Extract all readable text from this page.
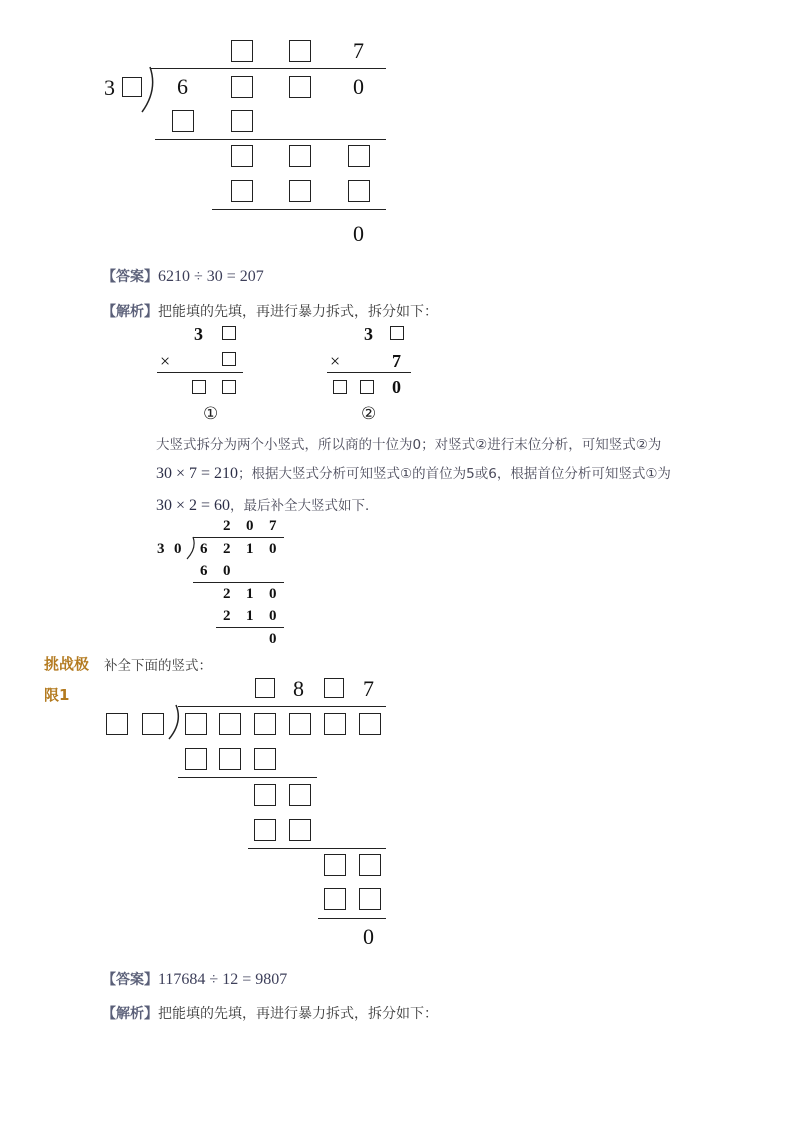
7
3	6	0
0
【答案】6210 ÷ 30 = 207
【解析】把能填的先填，再进行暴力拆式，拆分如下：
3
×
①
3
×	7
0
②
大竖式拆分为两个小竖式，所以商的十位为0；对竖式②进行末位分析，可知竖式②为
30 × 7 = 210；根据大竖式分析可知竖式①的首位为5或6，根据首位分析可知竖式①为
30 × 2 = 60，最后补全大竖式如下．
2 0 7
3 0 6 2 1 0
6 0
2 1 0
2 1 0
0
挑战极
限1
补全下面的竖式：
8	7
0
【答案】117684 ÷ 12 = 9807
【解析】把能填的先填，再进行暴力拆式，拆分如下：
